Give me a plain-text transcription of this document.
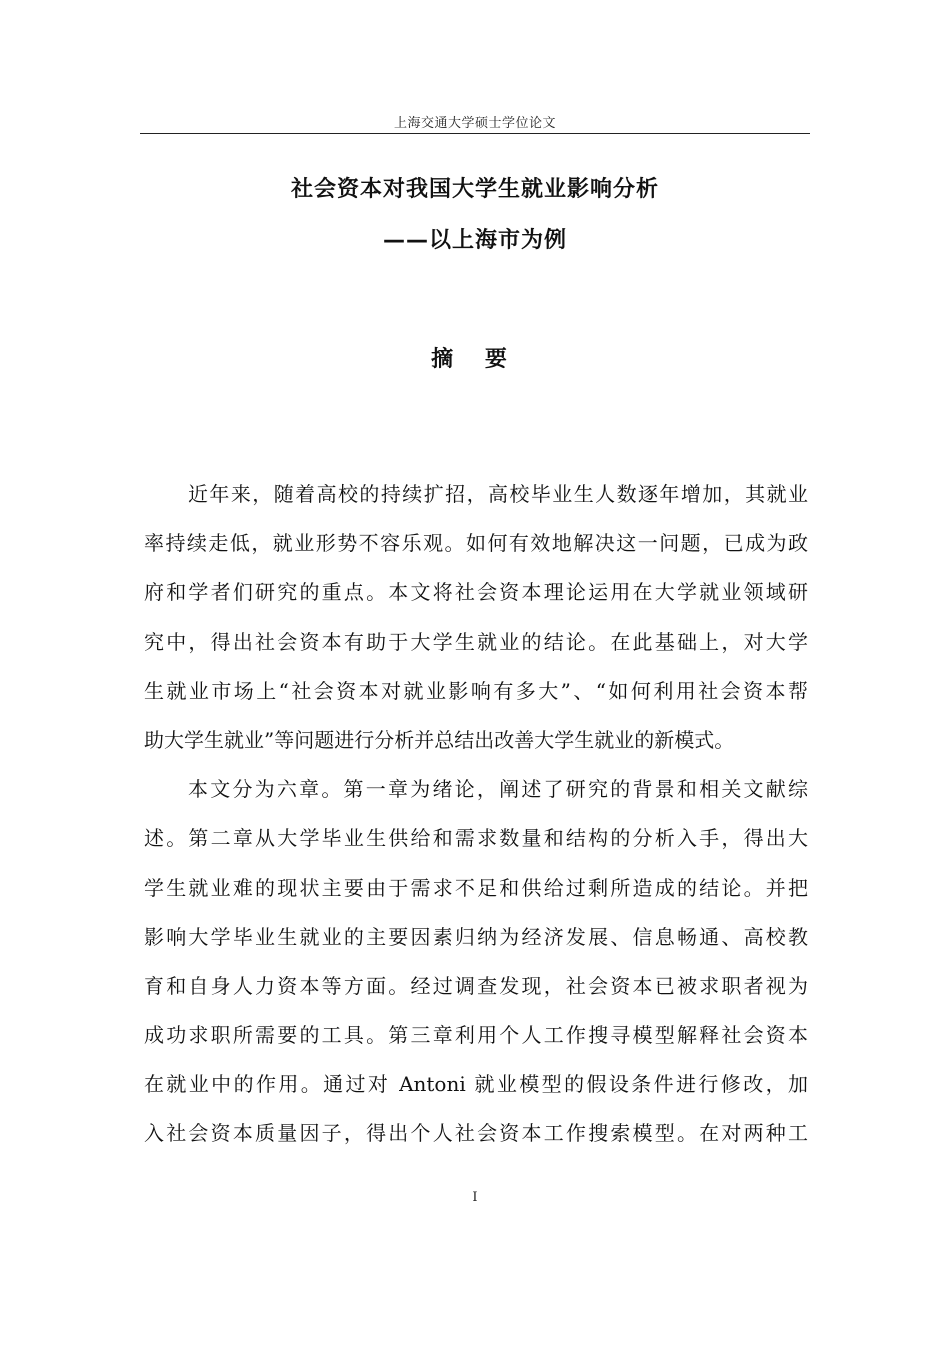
上海交通大学硕士学位论文
社会资本对我国大学生就业影响分析
——以上海市为例
摘 要
近年来，随着高校的持续扩招，高校毕业生人数逐年增加，其就业
率持续走低，就业形势不容乐观。如何有效地解决这一问题，已成为政
府和学者们研究的重点。本文将社会资本理论运用在大学就业领域研
究中，得出社会资本有助于大学生就业的结论。在此基础上，对大学
生就业市场上“社会资本对就业影响有多大”、“如何利用社会资本帮
助大学生就业”等问题进行分析并总结出改善大学生就业的新模式。
本文分为六章。第一章为绪论，阐述了研究的背景和相关文献综
述。第二章从大学毕业生供给和需求数量和结构的分析入手，得出大
学生就业难的现状主要由于需求不足和供给过剩所造成的结论。并把
影响大学毕业生就业的主要因素归纳为经济发展、信息畅通、高校教
育和自身人力资本等方面。经过调查发现，社会资本已被求职者视为
成功求职所需要的工具。第三章利用个人工作搜寻模型解释社会资本
在就业中的作用。通过对 Antoni 就业模型的假设条件进行修改，加
入社会资本质量因子，得出个人社会资本工作搜索模型。在对两种工
I
